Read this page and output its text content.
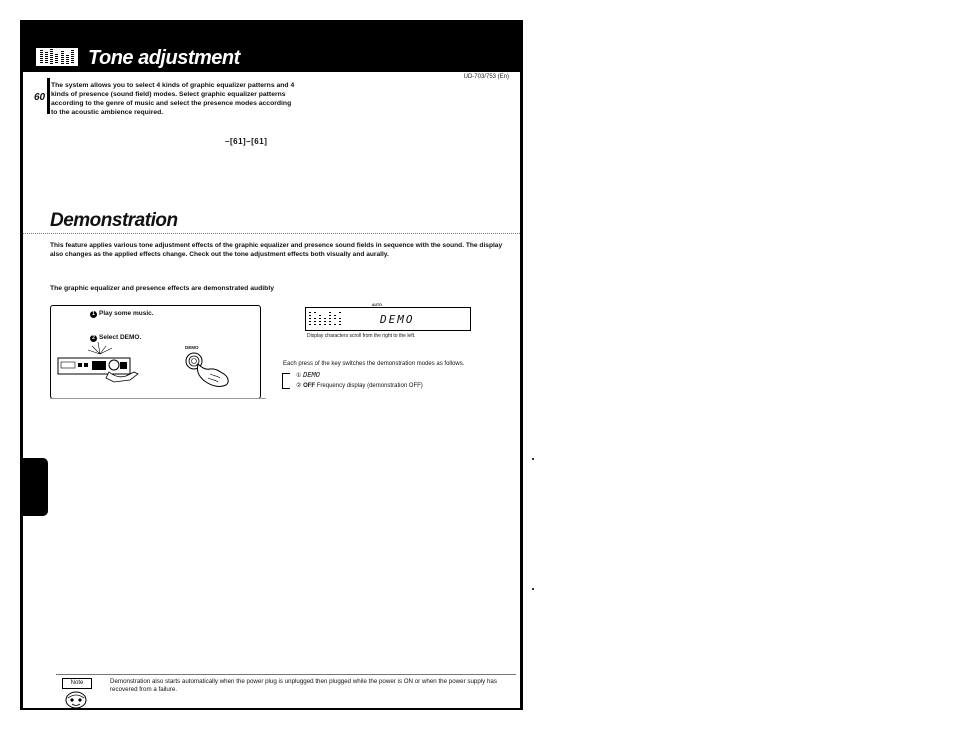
Tone adjustment
UD-703/753 (En)
60
The system allows you to select 4 kinds of graphic equalizer patterns and 4 kinds of presence (sound field) modes. Select graphic equalizer patterns according to the genre of music and select the presence modes according to the acoustic ambience required.
–[61]–[61]
Demonstration
This feature applies various tone adjustment effects of the graphic equalizer and presence sound fields in sequence with the sound. The display also changes as the applied effects change. Check out the tone adjustment effects both visually and aurally.
The graphic equalizer and presence effects are demonstrated audibly
1 Play some music.
2 Select DEMO.
DEMO
AUTO
DEMO
Display characters scroll from the right to the left.
Each press of the key switches the demonstration modes as follows.
① DEMO
② OFF Frequency display (demonstration OFF)
Note	Demonstration also starts automatically when the power plug is unplugged then plugged while the power is ON or when the power supply has recovered from a failure.
